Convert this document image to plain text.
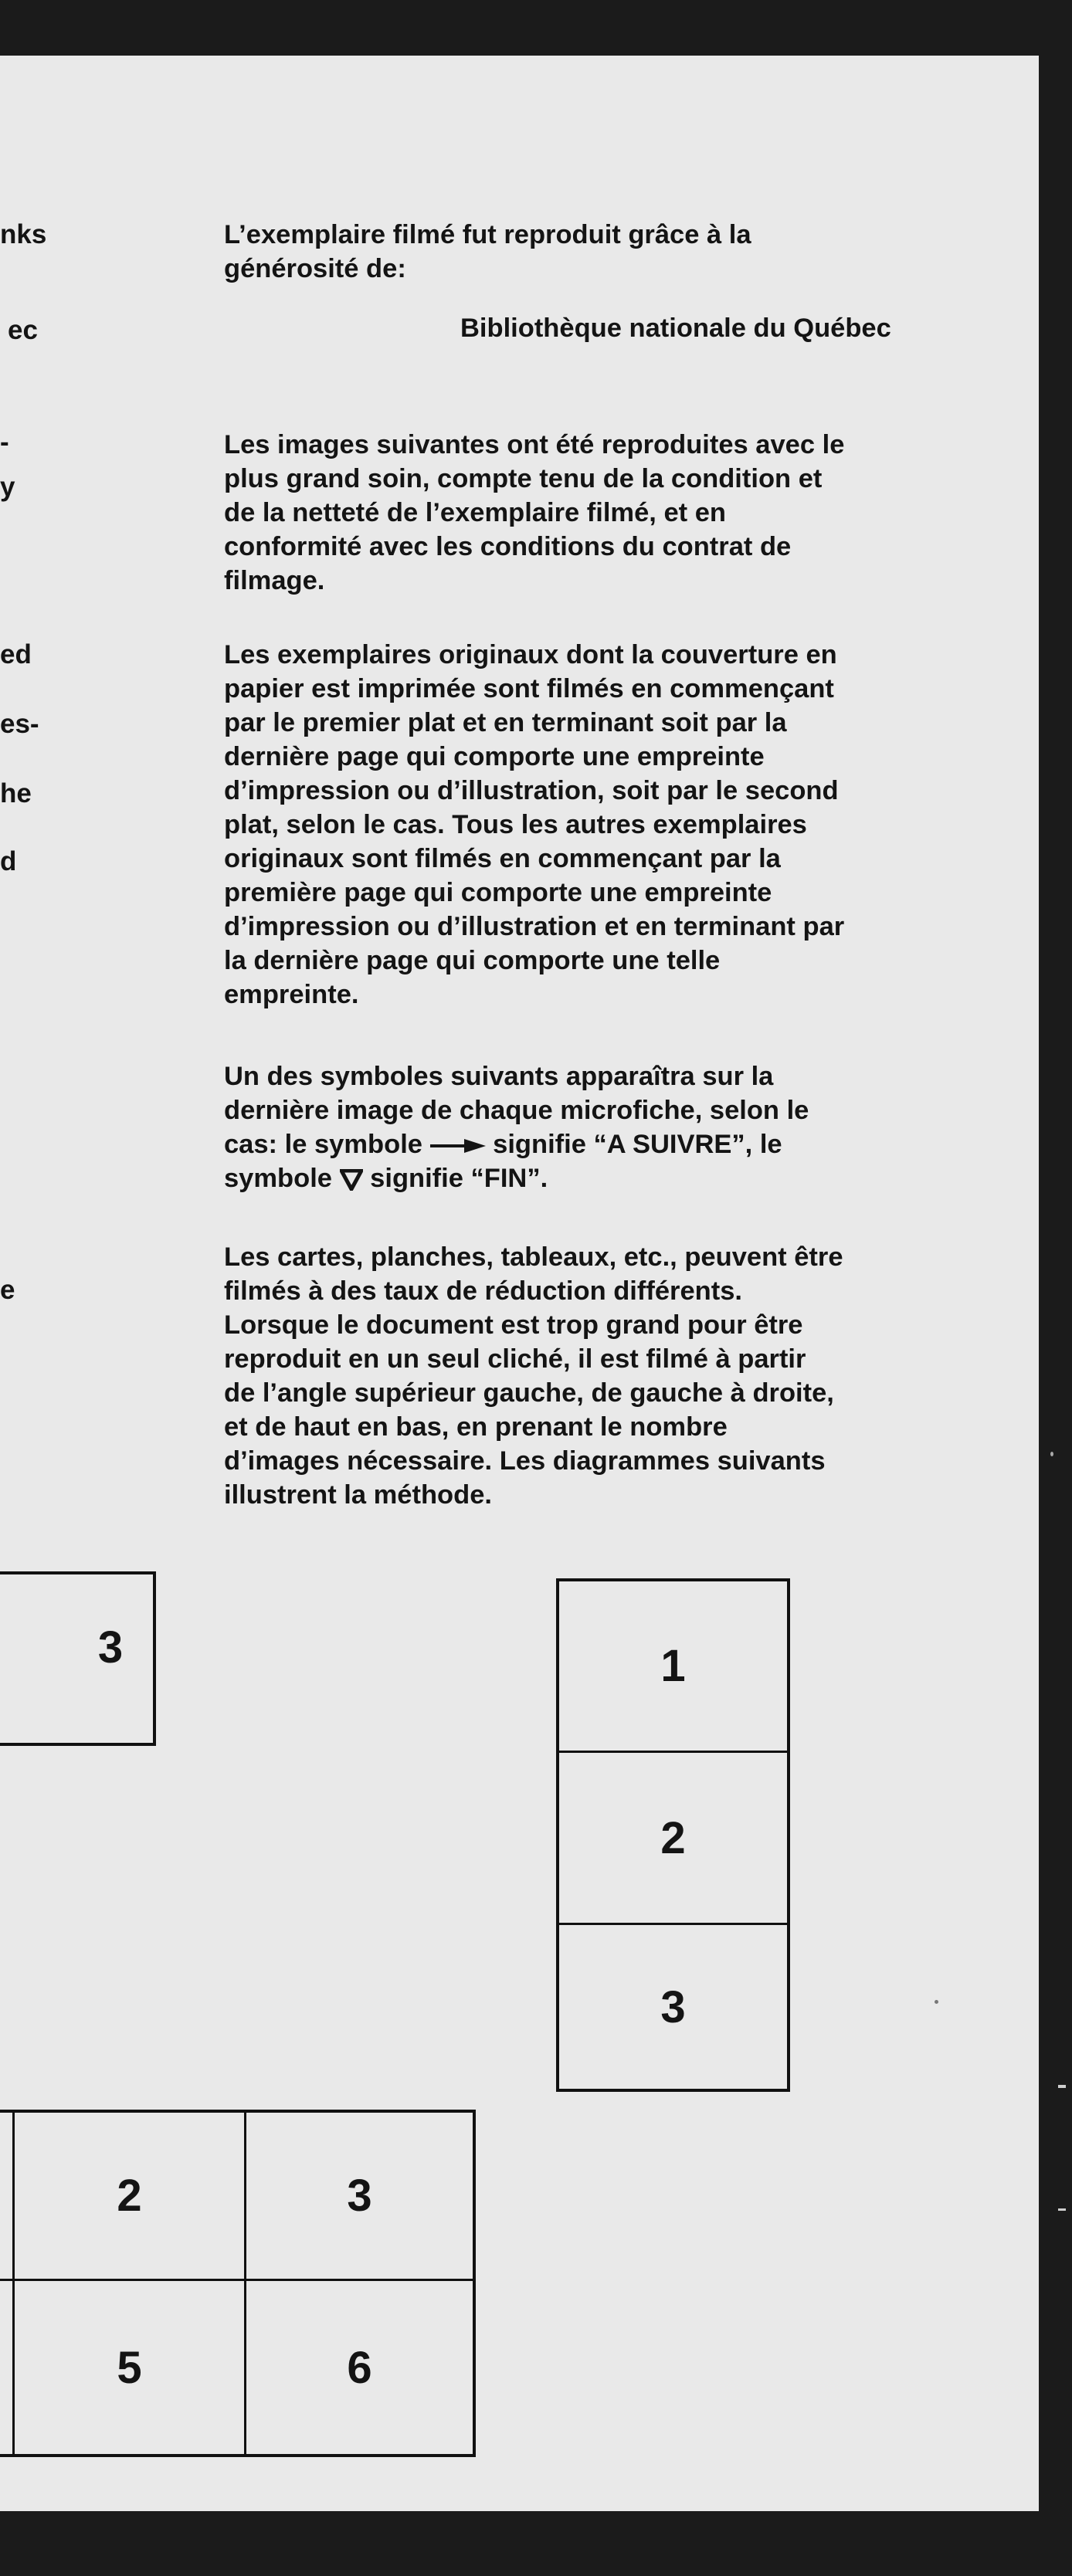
nks
ec
-
y
ed
es-
he
d
e

L’exemplaire filmé fut reproduit grâce à la
générosité de:

Bibliothèque nationale du Québec

Les images suivantes ont été reproduites avec le
plus grand soin, compte tenu de la condition et
de la netteté de l’exemplaire filmé, et en
conformité avec les conditions du contrat de
filmage.

Les exemplaires originaux dont la couverture en
papier est imprimée sont filmés en commençant
par le premier plat et en terminant soit par la
dernière page qui comporte une empreinte
d’impression ou d’illustration, soit par le second
plat, selon le cas. Tous les autres exemplaires
originaux sont filmés en commençant par la
première page qui comporte une empreinte
d’impression ou d’illustration et en terminant par
la dernière page qui comporte une telle
empreinte.

Un des symboles suivants apparaîtra sur la
dernière image de chaque microfiche, selon le
cas: le symbole	signifie “A SUIVRE”, le
symbole signifie “FIN”.

Les cartes, planches, tableaux, etc., peuvent être
filmés à des taux de réduction différents.
Lorsque le document est trop grand pour être
reproduit en un seul cliché, il est filmé à partir
de l’angle supérieur gauche, de gauche à droite,
et de haut en bas, en prenant le nombre
d’images nécessaire. Les diagrammes suivants
illustrent la méthode.

3	1
2
3
2	3
5	6
